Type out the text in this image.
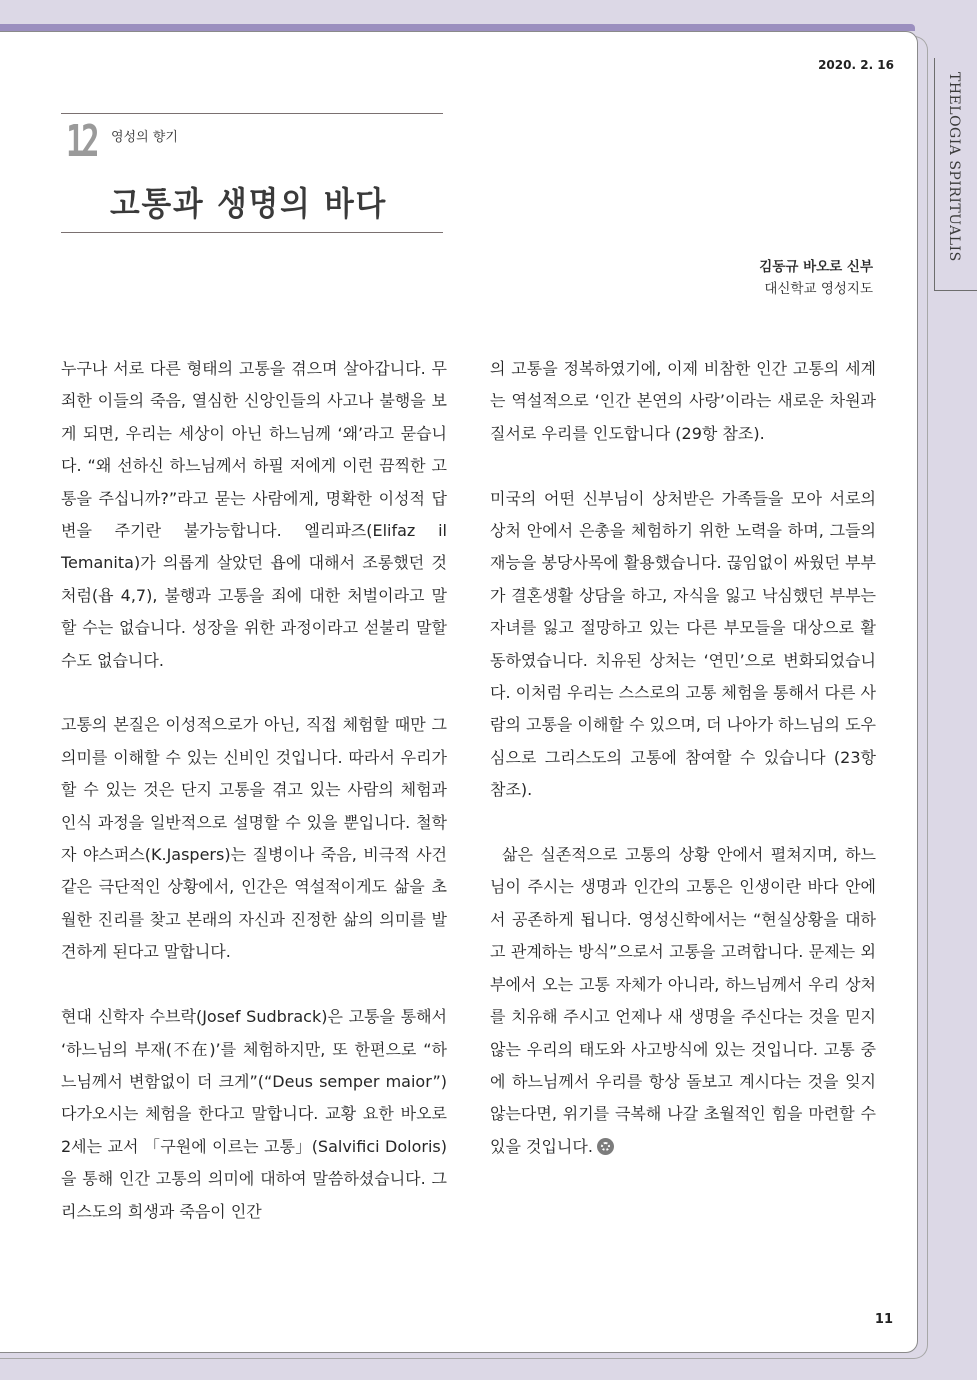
THELOGIA SPIRITUALIS
2020. 2. 16
12 영성의 향기
고통과 생명의 바다
김동규 바오로 신부
대신학교 영성지도

누구나 서로 다른 형태의 고통을 겪으며 살아갑니다. 무죄한 이들의 죽음, 열심한 신앙인들의 사고나 불행을 보게 되면, 우리는 세상이 아닌 하느님께 ‘왜’라고 묻습니다. “왜 선하신 하느님께서 하필 저에게 이런 끔찍한 고통을 주십니까?”라고 묻는 사람에게, 명확한 이성적 답변을 주기란 불가능합니다. 엘리파즈(Elifaz il Temanita)가 의롭게 살았던 욥에 대해서 조롱했던 것처럼(욥 4,7), 불행과 고통을 죄에 대한 처벌이라고 말할 수는 없습니다. 성장을 위한 과정이라고 섣불리 말할 수도 없습니다.

고통의 본질은 이성적으로가 아닌, 직접 체험할 때만 그 의미를 이해할 수 있는 신비인 것입니다. 따라서 우리가 할 수 있는 것은 단지 고통을 겪고 있는 사람의 체험과 인식 과정을 일반적으로 설명할 수 있을 뿐입니다. 철학자 야스퍼스(K.Jaspers)는 질병이나 죽음, 비극적 사건 같은 극단적인 상황에서, 인간은 역설적이게도 삶을 초월한 진리를 찾고 본래의 자신과 진정한 삶의 의미를 발견하게 된다고 말합니다.

현대 신학자 수브락(Josef Sudbrack)은 고통을 통해서 ‘하느님의 부재(不在)’를 체험하지만, 또 한편으로 “하느님께서 변함없이 더 크게”(“Deus semper maior”) 다가오시는 체험을 한다고 말합니다. 교황 요한 바오로 2세는 교서 「구원에 이르는 고통」(Salvifici Doloris)을 통해 인간 고통의 의미에 대하여 말씀하셨습니다. 그리스도의 희생과 죽음이 인간

의 고통을 정복하였기에, 이제 비참한 인간 고통의 세계는 역설적으로 ‘인간 본연의 사랑’이라는 새로운 차원과 질서로 우리를 인도합니다 (29항 참조).

미국의 어떤 신부님이 상처받은 가족들을 모아 서로의 상처 안에서 은총을 체험하기 위한 노력을 하며, 그들의 재능을 봉당사목에 활용했습니다. 끊임없이 싸웠던 부부가 결혼생활 상담을 하고, 자식을 잃고 낙심했던 부부는 자녀를 잃고 절망하고 있는 다른 부모들을 대상으로 활동하였습니다. 치유된 상처는 ‘연민’으로 변화되었습니다. 이처럼 우리는 스스로의 고통 체험을 통해서 다른 사람의 고통을 이해할 수 있으며, 더 나아가 하느님의 도우심으로 그리스도의 고통에 참여할 수 있습니다 (23항 참조).

삶은 실존적으로 고통의 상황 안에서 펼쳐지며, 하느님이 주시는 생명과 인간의 고통은 인생이란 바다 안에서 공존하게 됩니다. 영성신학에서는 “현실상황을 대하고 관계하는 방식”으로서 고통을 고려합니다. 문제는 외부에서 오는 고통 자체가 아니라, 하느님께서 우리 상처를 치유해 주시고 언제나 새 생명을 주신다는 것을 믿지 않는 우리의 태도와 사고방식에 있는 것입니다. 고통 중에 하느님께서 우리를 항상 돌보고 계시다는 것을 잊지 않는다면, 위기를 극복해 나갈 초월적인 힘을 마련할 수 있을 것입니다.

11
